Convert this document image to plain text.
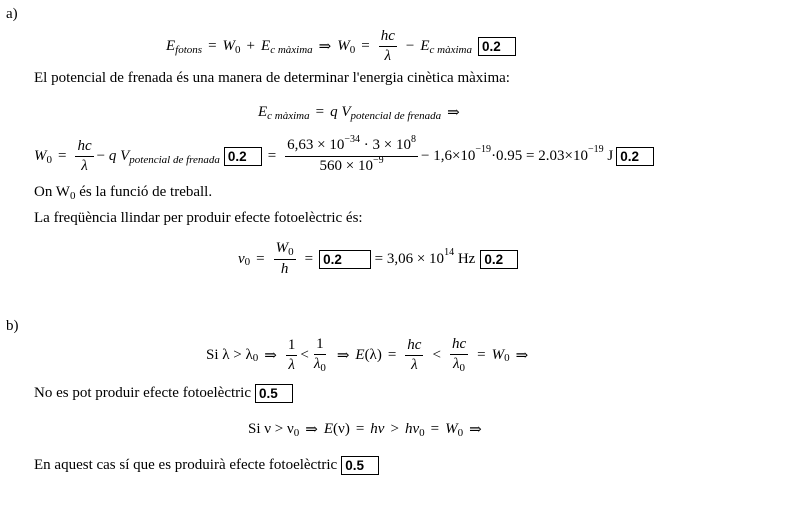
a)
E fotons = W 0 + E c màxima ⇒ W $0 = \frac{hc}{\lambda} - E$ c màxima 0.2
El potencial de frenada és una manera de determinar l'energia cinètica màxima:
E c màxima = q
V potencial de frenada ⇒
W $0 = \frac{hc}{\lambda}$ −
q
V potencial de frenada 0.2	= $\frac{6,63 \times 10^{-34} \cdot 3 \times 10^8}{560 \times 10^{-9}} - 1,6\times 10 -19 \cdot 0.95 = 2.03\times 10 -19$
J 0.2
On W 0
és la funció de treball.
La freqüència llindar per produir efecte fotoelèctric és:
ν $0 = \frac{W_0}{h} = 0.2$
	= 3,06 × 10 14
Hz 0.2
b)
Si λ > λ 0 ⇒ $\frac{1}{\lambda} < \frac{1}{\lambda_0}$ ⇒ E $(\lambda) = \frac{hc}{\lambda} < \frac{hc}{\lambda_0} = W$ 0 ⇒
No es pot produir efecte fotoelèctric 0.5
Si ν > ν 0 ⇒ E (ν) = hν > hν 0 = W 0 ⇒
En aquest cas sí que es produirà efecte fotoelèctric 0.5
